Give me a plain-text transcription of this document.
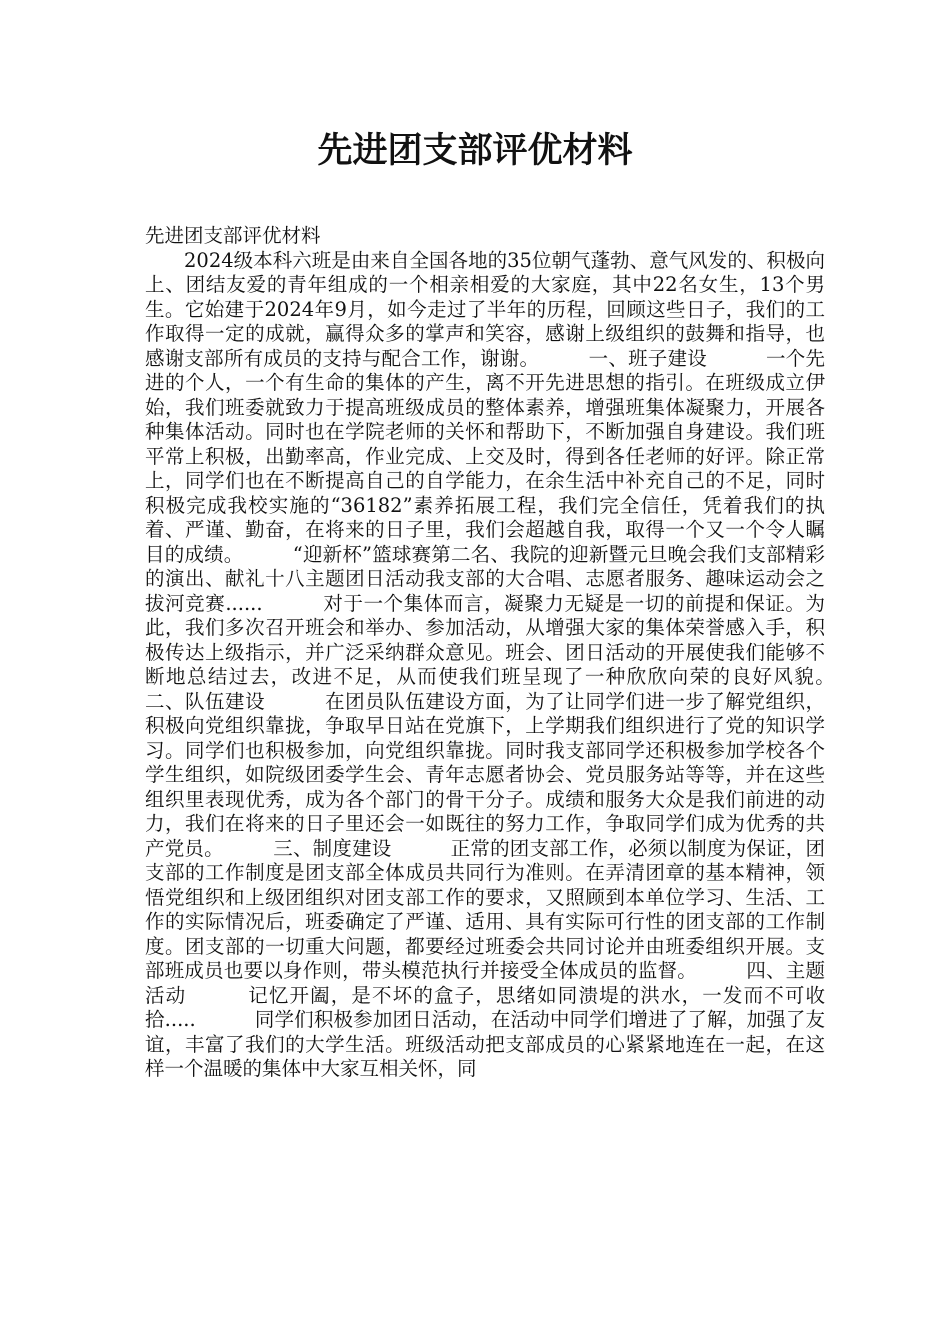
先进团支部评优材料
先进团支部评优材料
2024级本科六班是由来自全国各地的35位朝气蓬勃、意气风发的、积极向上、团结友爱的青年组成的一个相亲相爱的大家庭，其中22名女生，13个男生。它始建于2024年9月，如今走过了半年的历程，回顾这些日子，我们的工作取得一定的成就，赢得众多的掌声和笑容，感谢上级组织的鼓舞和指导，也感谢支部所有成员的支持与配合工作，谢谢。　　　一、班子建设　　　一个先进的个人，一个有生命的集体的产生，离不开先进思想的指引。在班级成立伊始，我们班委就致力于提高班级成员的整体素养，增强班集体凝聚力，开展各种集体活动。同时也在学院老师的关怀和帮助下，不断加强自身建设。我们班平常上积极，出勤率高，作业完成、上交及时，得到各任老师的好评。除正常上，同学们也在不断提高自己的自学能力，在余生活中补充自己的不足，同时积极完成我校实施的“36182”素养拓展工程，我们完全信任，凭着我们的执着、严谨、勤奋，在将来的日子里，我们会超越自我，取得一个又一个令人瞩目的成绩。　　　“迎新杯”篮球赛第二名、我院的迎新暨元旦晚会我们支部精彩的演出、献礼十八主题团日活动我支部的大合唱、志愿者服务、趣味运动会之拔河竞赛......　　　对于一个集体而言，凝聚力无疑是一切的前提和保证。为此，我们多次召开班会和举办、参加活动，从增强大家的集体荣誉感入手，积极传达上级指示，并广泛采纳群众意见。班会、团日活动的开展使我们能够不断地总结过去，改进不足，从而使我们班呈现了一种欣欣向荣的良好风貌。　　　二、队伍建设　　　在团员队伍建设方面，为了让同学们进一步了解党组织，积极向党组织靠拢，争取早日站在党旗下，上学期我们组织进行了党的知识学习。同学们也积极参加，向党组织靠拢。同时我支部同学还积极参加学校各个学生组织，如院级团委学生会、青年志愿者协会、党员服务站等等，并在这些组织里表现优秀，成为各个部门的骨干分子。成绩和服务大众是我们前进的动力，我们在将来的日子里还会一如既往的努力工作，争取同学们成为优秀的共产党员。　　　三、制度建设　　　正常的团支部工作，必须以制度为保证，团支部的工作制度是团支部全体成员共同行为准则。在弄清团章的基本精神，领悟党组织和上级团组织对团支部工作的要求，又照顾到本单位学习、生活、工作的实际情况后，班委确定了严谨、适用、具有实际可行性的团支部的工作制度。团支部的一切重大问题，都要经过班委会共同讨论并由班委组织开展。支部班成员也要以身作则，带头模范执行并接受全体成员的监督。　　　四、主题活动　　　记忆开阖，是不坏的盒子，思绪如同溃堤的洪水，一发而不可收拾.....　　　同学们积极参加团日活动，在活动中同学们增进了了解，加强了友谊，丰富了我们的大学生活。班级活动把支部成员的心紧紧地连在一起，在这样一个温暖的集体中大家互相关怀，同
